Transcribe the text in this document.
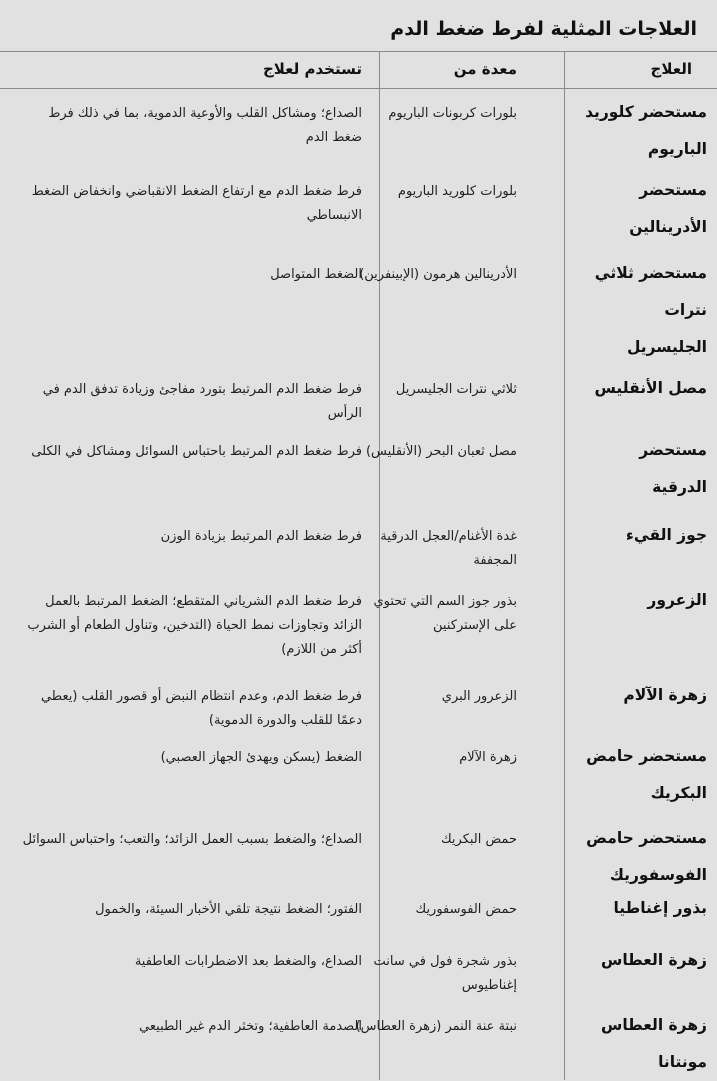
العلاجات المثلية لفرط ضغط الدم
العلاج
معدة من
تستخدم لعلاج
مستحضر كلوريد الباريوم
بلورات كربونات الباريوم
الصداع؛ ومشاكل القلب والأوعية الدموية، بما في ذلك فرط ضغط الدم
مستحضر الأدرينالين
بلورات كلوريد الباريوم
فرط ضغط الدم مع ارتفاع الضغط الانقباضي وانخفاض الضغط الانبساطي
مستحضر ثلاثي نترات الجليسريل
الأدرينالين هرمون (الإبينفرين)
الضغط المتواصل
مصل الأنقليس
ثلاثي نترات الجليسريل
فرط ضغط الدم المرتبط بتورد مفاجئ وزيادة تدفق الدم في الرأس
مستحضر الدرقية
مصل ثعبان البحر (الأنقليس)
فرط ضغط الدم المرتبط باحتباس السوائل ومشاكل في الكلى
جوز القيء
غدة الأغنام/العجل الدرقية المجففة
فرط ضغط الدم المرتبط بزيادة الوزن
الزعرور
بذور جوز السم التي تحتوي على الإستركنين
فرط ضغط الدم الشرياني المتقطع؛ الضغط المرتبط بالعمل الزائد وتجاوزات نمط الحياة (التدخين، وتناول الطعام أو الشرب أكثر من اللازم)
زهرة الآلام
الزعرور البري
فرط ضغط الدم، وعدم انتظام النبض أو قصور القلب (يعطي دعمًا للقلب والدورة الدموية)
مستحضر حامض البكريك
زهرة الآلام
الضغط (يسكن ويهدئ الجهاز العصبي)
مستحضر حامض الفوسفوريك
حمض البكريك
الصداع؛ والضغط بسبب العمل الزائد؛ والتعب؛ واحتباس السوائل
بذور إغناطيا
حمض الفوسفوريك
الفتور؛ الضغط نتيجة تلقي الأخبار السيئة، والخمول
زهرة العطاس
بذور شجرة فول في سانت إغناطيوس
الصداع، والضغط بعد الاضطرابات العاطفية
زهرة العطاس مونتانا
نبتة عنة النمر (زهرة العطاس)
الصدمة العاطفية؛ وتخثر الدم غير الطبيعي
